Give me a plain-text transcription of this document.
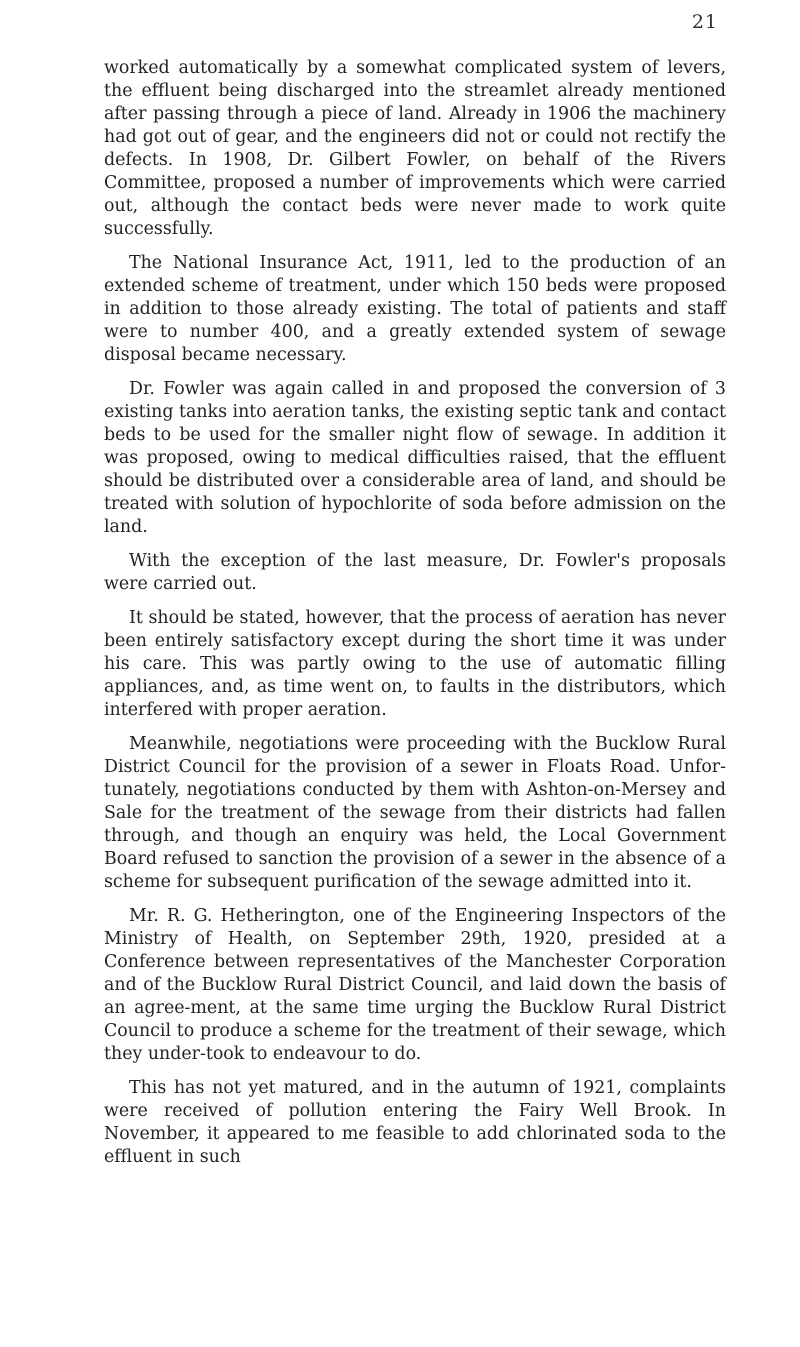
21

worked automatically by a somewhat complicated system of levers, the effluent being discharged into the streamlet already mentioned after passing through a piece of land. Already in 1906 the machinery had got out of gear, and the engineers did not or could not rectify the defects. In 1908, Dr. Gilbert Fowler, on behalf of the Rivers Committee, proposed a number of improvements which were carried out, although the contact beds were never made to work quite successfully.

The National Insurance Act, 1911, led to the production of an extended scheme of treatment, under which 150 beds were proposed in addition to those already existing. The total of patients and staff were to number 400, and a greatly extended system of sewage disposal became necessary.

Dr. Fowler was again called in and proposed the conversion of 3 existing tanks into aeration tanks, the existing septic tank and contact beds to be used for the smaller night flow of sewage. In addition it was proposed, owing to medical difficulties raised, that the effluent should be distributed over a considerable area of land, and should be treated with solution of hypochlorite of soda before admission on the land.

With the exception of the last measure, Dr. Fowler's proposals were carried out.

It should be stated, however, that the process of aeration has never been entirely satisfactory except during the short time it was under his care. This was partly owing to the use of automatic filling appliances, and, as time went on, to faults in the distributors, which interfered with proper aeration.

Meanwhile, negotiations were proceeding with the Bucklow Rural District Council for the provision of a sewer in Floats Road. Unfor-tunately, negotiations conducted by them with Ashton-on-Mersey and Sale for the treatment of the sewage from their districts had fallen through, and though an enquiry was held, the Local Government Board refused to sanction the provision of a sewer in the absence of a scheme for subsequent purification of the sewage admitted into it.

Mr. R. G. Hetherington, one of the Engineering Inspectors of the Ministry of Health, on September 29th, 1920, presided at a Conference between representatives of the Manchester Corporation and of the Bucklow Rural District Council, and laid down the basis of an agree-ment, at the same time urging the Bucklow Rural District Council to produce a scheme for the treatment of their sewage, which they under-took to endeavour to do.

This has not yet matured, and in the autumn of 1921, complaints were received of pollution entering the Fairy Well Brook. In November, it appeared to me feasible to add chlorinated soda to the effluent in such
